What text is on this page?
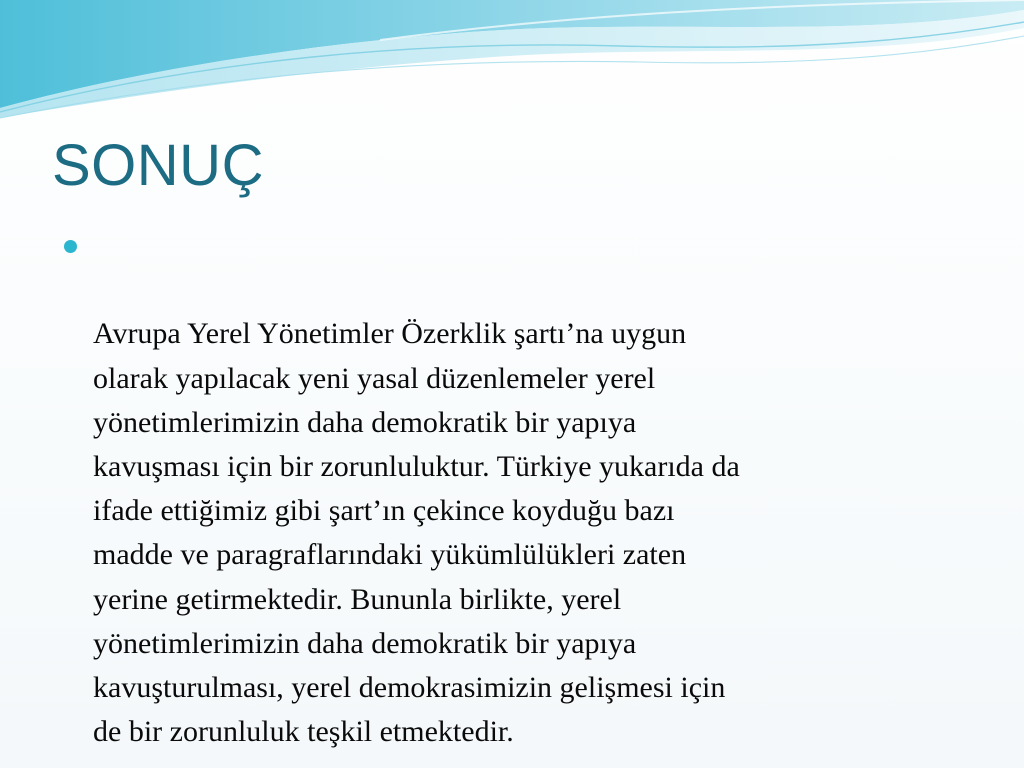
SONUÇ

Avrupa Yerel Yönetimler Özerklik şartı’na uygun
olarak yapılacak yeni yasal düzenlemeler yerel
yönetimlerimizin daha demokratik bir yapıya
kavuşması için bir zorunluluktur. Türkiye yukarıda da
ifade ettiğimiz gibi şart’ın çekince koyduğu bazı
madde ve paragraflarındaki yükümlülükleri zaten
yerine getirmektedir. Bununla birlikte, yerel
yönetimlerimizin daha demokratik bir yapıya
kavuşturulması, yerel demokrasimizin gelişmesi için
de bir zorunluluk teşkil etmektedir.
